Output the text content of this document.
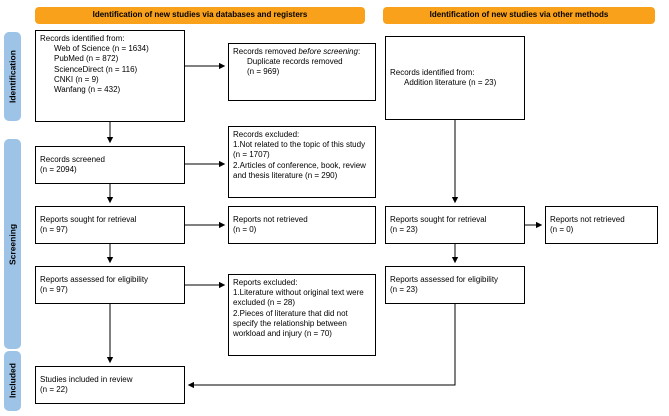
Identification of new studies via databases and registers	Identification of new studies via other methods
Identification
Screening
Included
Records identified from:
Web of Science (n = 1634)
PubMed (n = 872)
ScienceDirect (n = 116)
CNKI (n = 9)
Wanfang (n = 432)
Records screened
(n = 2094)
Reports sought for retrieval
(n = 97)
Reports assessed for eligibility
(n = 97)
Studies included in review
(n = 22)
Records removed before screening:
Duplicate records removed
(n = 969)
Records excluded:
1.Not related to the topic of this study (n = 1707)
2.Articles of conference, book, review and thesis literature (n = 290)
Reports not retrieved
(n = 0)
Reports excluded:
1.Literature without original text were excluded (n = 28)
2.Pieces of literature that did not specify the relationship between workload and injury (n = 70)
Records identified from:
Addition literature (n = 23)
Reports sought for retrieval
(n = 23)
Reports assessed for eligibility
(n = 23)
Reports not retrieved
(n = 0)
